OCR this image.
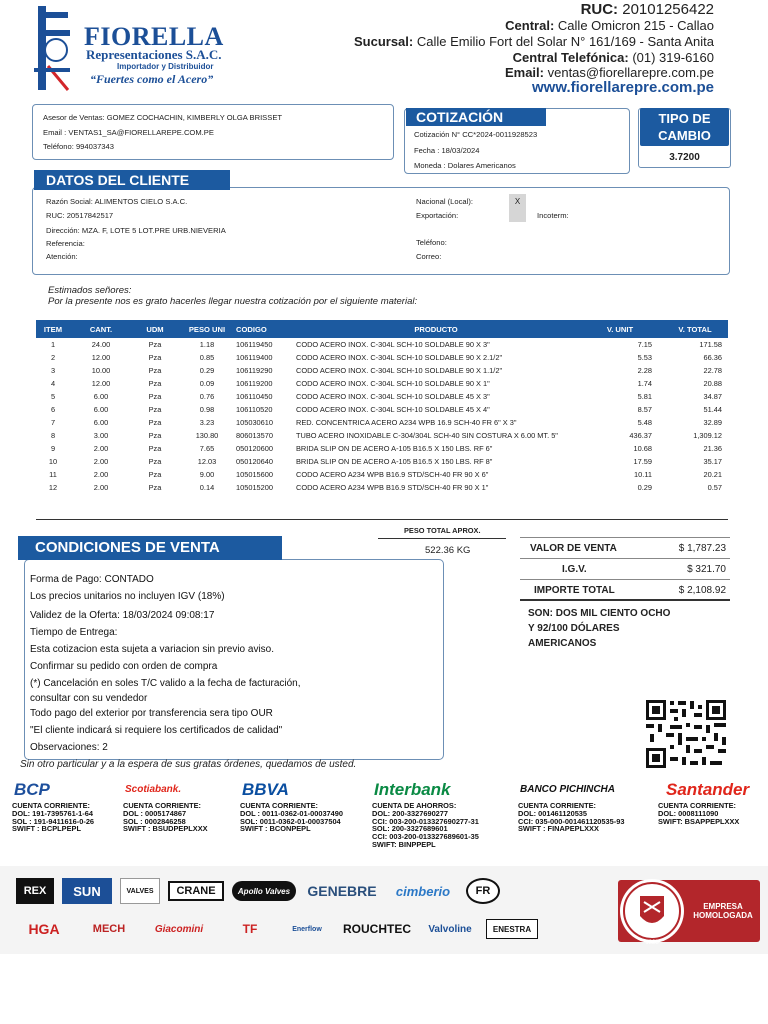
FIORELLA
Representaciones S.A.C.
Importador y Distribuidor
“Fuertes como el Acero”
RUC: 20101256422
Central: Calle Omicron 215 - Callao
Sucursal: Calle Emilio Fort del Solar N° 161/169 - Santa Anita
Central Telefónica: (01) 319-6160
Email: ventas@fiorellarepre.com.pe
www.fiorellarepre.com.pe
Asesor de Ventas: GOMEZ COCHACHIN, KIMBERLY OLGA BRISSET
Email : VENTAS1_SA@FIORELLAREPE.COM.PE
Teléfono: 994037343
COTIZACIÓN
Cotización N° CC*2024-0011928523
Fecha : 18/03/2024
Moneda : Dolares Americanos
TIPO DE
CAMBIO
3.7200
DATOS DEL CLIENTE
Razón Social: ALIMENTOS CIELO S.A.C.
RUC: 20517842517
Dirección: MZA. F, LOTE 5 LOT.PRE URB.NIEVERIA
Referencia:
Atención:
Nacional (Local):	X
Exportación:	Incoterm:
Teléfono:
Correo:
Estimados señores:
Por la presente nos es grato hacerles llegar nuestra cotización por el siguiente material:
ITEM	CANT.	UDM	PESO UNI	CODIGO	PRODUCTO	V. UNIT	V. TOTAL
1	24.00	Pza	1.18	106119450	CODO ACERO INOX. C-304L SCH-10 SOLDABLE 90 X 3"	7.15	171.58
2	12.00	Pza	0.85	106119400	CODO ACERO INOX. C-304L SCH-10 SOLDABLE 90 X 2.1/2"	5.53	66.36
3	10.00	Pza	0.29	106119290	CODO ACERO INOX. C-304L SCH-10 SOLDABLE 90 X 1.1/2"	2.28	22.78
4	12.00	Pza	0.09	106119200	CODO ACERO INOX. C-304L SCH-10 SOLDABLE 90 X 1"	1.74	20.88
5	6.00	Pza	0.76	106110450	CODO ACERO INOX. C-304L SCH-10 SOLDABLE 45 X 3"	5.81	34.87
6	6.00	Pza	0.98	106110520	CODO ACERO INOX. C-304L SCH-10 SOLDABLE 45 X 4"	8.57	51.44
7	6.00	Pza	3.23	105030610	RED. CONCENTRICA ACERO A234 WPB 16.9 SCH-40 FR 6" X 3"	5.48	32.89
8	3.00	Pza	130.80	806013570	TUBO ACERO INOXIDABLE C-304/304L SCH-40 SIN COSTURA X 6.00 MT. 5"	436.37	1,309.12
9	2.00	Pza	7.65	050120600	BRIDA SLIP ON DE ACERO A-105 B16.5 X 150 LBS. RF 6"	10.68	21.36
10	2.00	Pza	12.03	050120640	BRIDA SLIP ON DE ACERO A-105 B16.5 X 150 LBS. RF 8"	17.59	35.17
11	2.00	Pza	9.00	105015600	CODO ACERO A234 WPB B16.9 STD/SCH-40 FR 90 X 6"	10.11	20.21
12	2.00	Pza	0.14	105015200	CODO ACERO A234 WPB B16.9 STD/SCH-40 FR 90 X 1"	0.29	0.57
PESO TOTAL APROX.
522.36 KG
CONDICIONES DE VENTA
Forma de Pago: CONTADO
Los precios unitarios no incluyen IGV (18%)
Validez de la Oferta: 18/03/2024 09:08:17
Tiempo de Entrega:
Esta cotizacion esta sujeta a variacion sin previo aviso.
Confirmar su pedido con orden de compra
(*) Cancelación en soles T/C valido a la fecha de facturación,
consultar con su vendedor
Todo pago del exterior por transferencia sera tipo OUR
"El cliente indicará si requiere los certificados de calidad"
Observaciones: 2
VALOR DE VENTA	$ 1,787.23
I.G.V.	$ 321.70
IMPORTE TOTAL	$ 2,108.92
SON: DOS MIL CIENTO OCHO
Y 92/100 DÓLARES
AMERICANOS
Sin otro particular y a la espera de sus gratas órdenes, quedamos de usted.
BCP
CUENTA CORRIENTE:
DOL: 191-7395761-1-64
SOL : 191-9411616-0-26
SWIFT : BCPLPEPL
Scotiabank.
CUENTA CORRIENTE:
DOL : 0005174867
SOL : 0002846258
SWIFT : BSUDPEPLXXX
BBVA
CUENTA CORRIENTE:
DOL : 0011-0362-01-00037490
SOL: 0011-0362-01-00037504
SWIFT : BCONPEPL
Interbank
CUENTA DE AHORROS:
DOL: 200-3327690277
CCI: 003-200-013327690277-31
SOL: 200-3327689601
CCI: 003-200-013327689601-35
SWIFT: BINPPEPL
BANCO PICHINCHA
CUENTA CORRIENTE:
DOL: 001461120535
CCI: 035-000-001461120535-93
SWIFT : FINAPEPLXXX
Santander
CUENTA CORRIENTE:
DOL: 0008111090
SWIFT: BSAPPEPLXXX
REX	SUN	VALVES	CRANE	Apollo Valves	GENEBRE	cimberio	FR
HGA	MECH	Giacomini	TF	Enerflow	ROUCHTEC	Valvoline	ENESTRA
1828
EMPRESA
HOMOLOGADA
